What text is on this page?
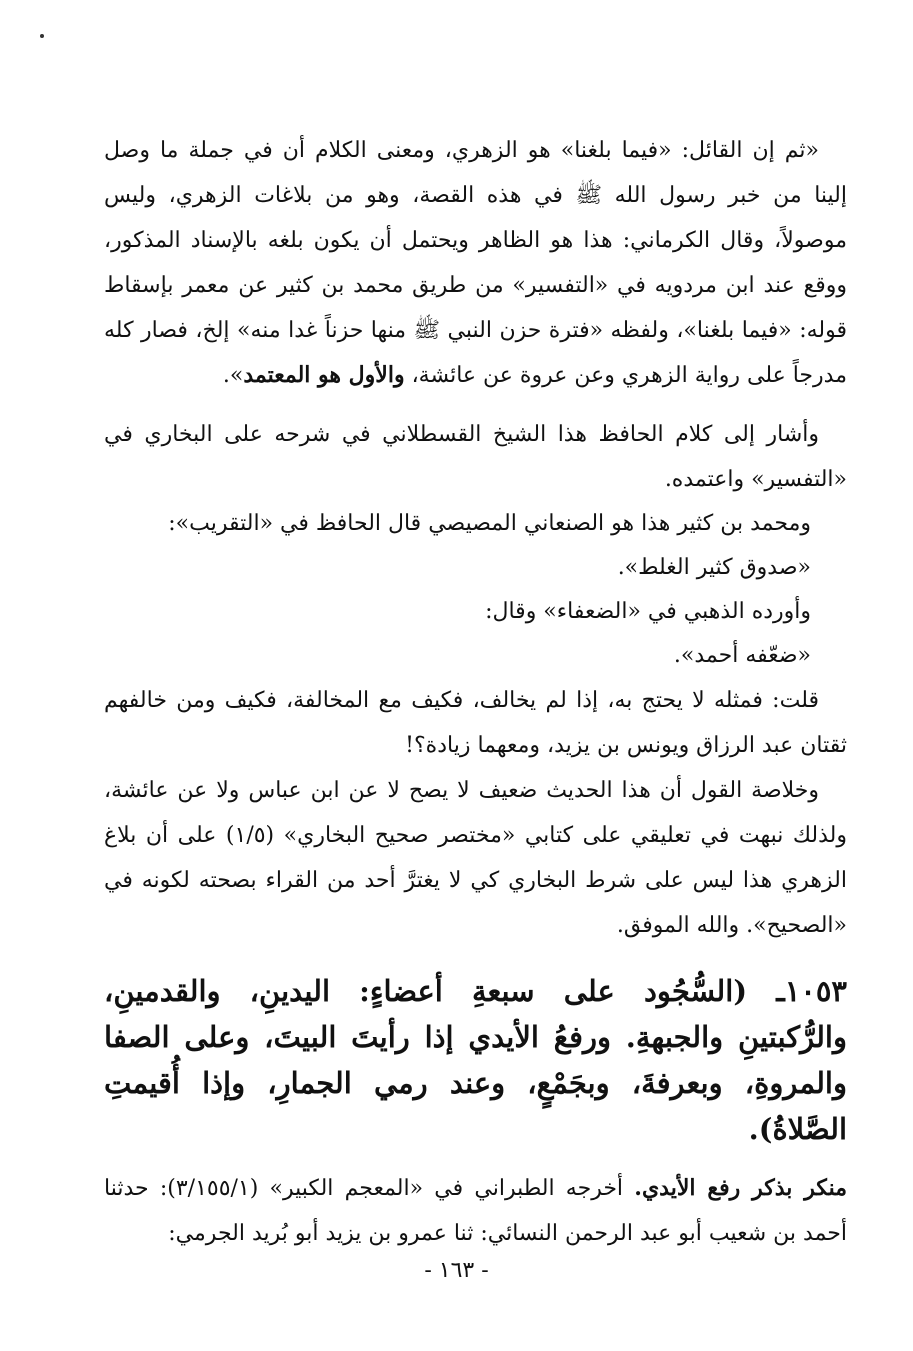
«ثم إن القائل: «فيما بلغنا» هو الزهري، ومعنى الكلام أن في جملة ما وصل إلينا من خبر رسول الله ﷺ في هذه القصة، وهو من بلاغات الزهري، وليس موصولاً، وقال الكرماني: هذا هو الظاهر ويحتمل أن يكون بلغه بالإسناد المذكور، ووقع عند ابن مردويه في «التفسير» من طريق محمد بن كثير عن معمر بإسقاط قوله: «فيما بلغنا»، ولفظه «فترة حزن النبي ﷺ منها حزناً غدا منه» إلخ، فصار كله مدرجاً على رواية الزهري وعن عروة عن عائشة، والأول هو المعتمد».

وأشار إلى كلام الحافظ هذا الشيخ القسطلاني في شرحه على البخاري في «التفسير» واعتمده.

ومحمد بن كثير هذا هو الصنعاني المصيصي قال الحافظ في «التقريب»:

«صدوق كثير الغلط».

وأورده الذهبي في «الضعفاء» وقال:

«ضعّفه أحمد».

قلت: فمثله لا يحتج به، إذا لم يخالف، فكيف مع المخالفة، فكيف ومن خالفهم ثقتان عبد الرزاق ويونس بن يزيد، ومعهما زيادة؟!

وخلاصة القول أن هذا الحديث ضعيف لا يصح لا عن ابن عباس ولا عن عائشة، ولذلك نبهت في تعليقي على كتابي «مختصر صحيح البخاري» (١/٥) على أن بلاغ الزهري هذا ليس على شرط البخاري كي لا يغترَّ أحد من القراء بصحته لكونه في «الصحيح». والله الموفق.

١٠٥٣ـ (السُّجُود على سبعةِ أعضاءٍ: اليدينِ، والقدمينِ، والرُّكبتينِ والجبهةِ. ورفعُ الأيدي إذا رأيتَ البيتَ، وعلى الصفا والمروةِ، وبعرفةَ، وبجَمْعٍ، وعند رمي الجمارِ، وإذا أُقيمتِ الصَّلاةُ).

منكر بذكر رفع الأيدي. أخرجه الطبراني في «المعجم الكبير» (٣/١٥٥/١): حدثنا أحمد بن شعيب أبو عبد الرحمن النسائي: ثنا عمرو بن يزيد أبو بُريد الجرمي:

- ١٦٣ -
